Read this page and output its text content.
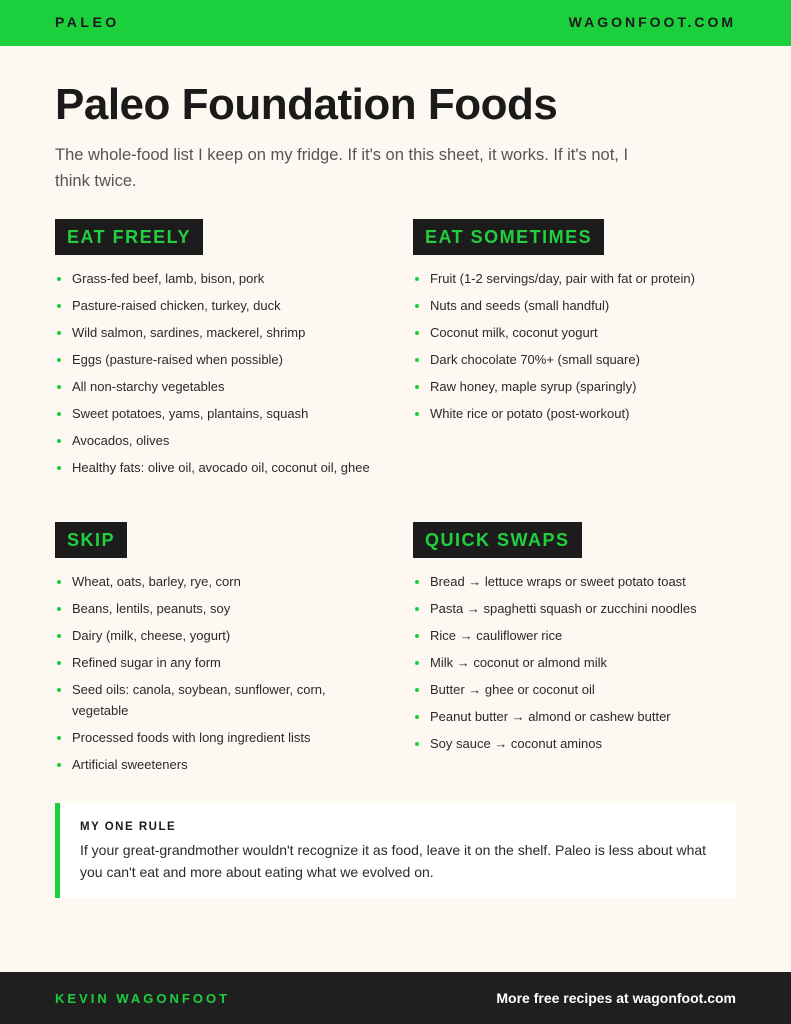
PALEO	WAGONFOOT.COM
Paleo Foundation Foods

The whole-food list I keep on my fridge. If it's on this sheet, it works. If it's not, I think twice.

EAT FREELY
Grass-fed beef, lamb, bison, pork
Pasture-raised chicken, turkey, duck
Wild salmon, sardines, mackerel, shrimp
Eggs (pasture-raised when possible)
All non-starchy vegetables
Sweet potatoes, yams, plantains, squash
Avocados, olives
Healthy fats: olive oil, avocado oil, coconut oil, ghee
EAT SOMETIMES
Fruit (1-2 servings/day, pair with fat or protein)
Nuts and seeds (small handful)
Coconut milk, coconut yogurt
Dark chocolate 70%+ (small square)
Raw honey, maple syrup (sparingly)
White rice or potato (post-workout)
SKIP
Wheat, oats, barley, rye, corn
Beans, lentils, peanuts, soy
Dairy (milk, cheese, yogurt)
Refined sugar in any form
Seed oils: canola, soybean, sunflower, corn, vegetable
Processed foods with long ingredient lists
Artificial sweeteners
QUICK SWAPS
Bread → lettuce wraps or sweet potato toast
Pasta → spaghetti squash or zucchini noodles
Rice → cauliflower rice
Milk → coconut or almond milk
Butter → ghee or coconut oil
Peanut butter → almond or cashew butter
Soy sauce → coconut aminos
MY ONE RULE

If your great-grandmother wouldn't recognize it as food, leave it on the shelf. Paleo is less about what you can't eat and more about eating what we evolved on.

KEVIN WAGONFOOT	More free recipes at wagonfoot.com
